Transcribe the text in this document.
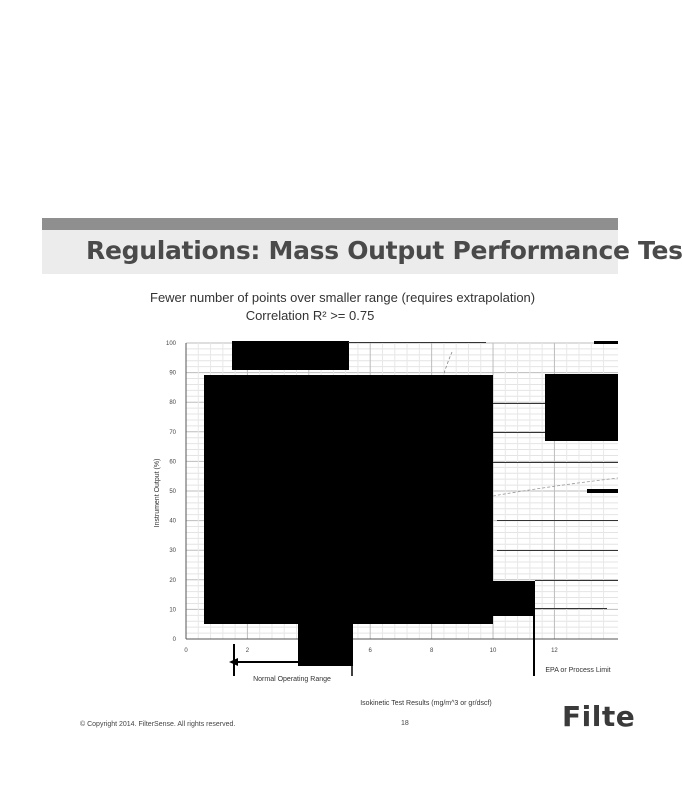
Regulations: Mass Output Performance Tes
Fewer number of points over smaller range (requires extrapolation)
Correlation R² >= 0.75
0
10
20
30
40
50
60
70
80
90
100
0	2	6	8	10	12
Instrument Output (%)
Isokinetic Test Results (mg/m^3 or gr/dscf)
Normal Operating Range
EPA or Process Limit
© Copyright 2014. FilterSense. All rights reserved.	18	Filte
